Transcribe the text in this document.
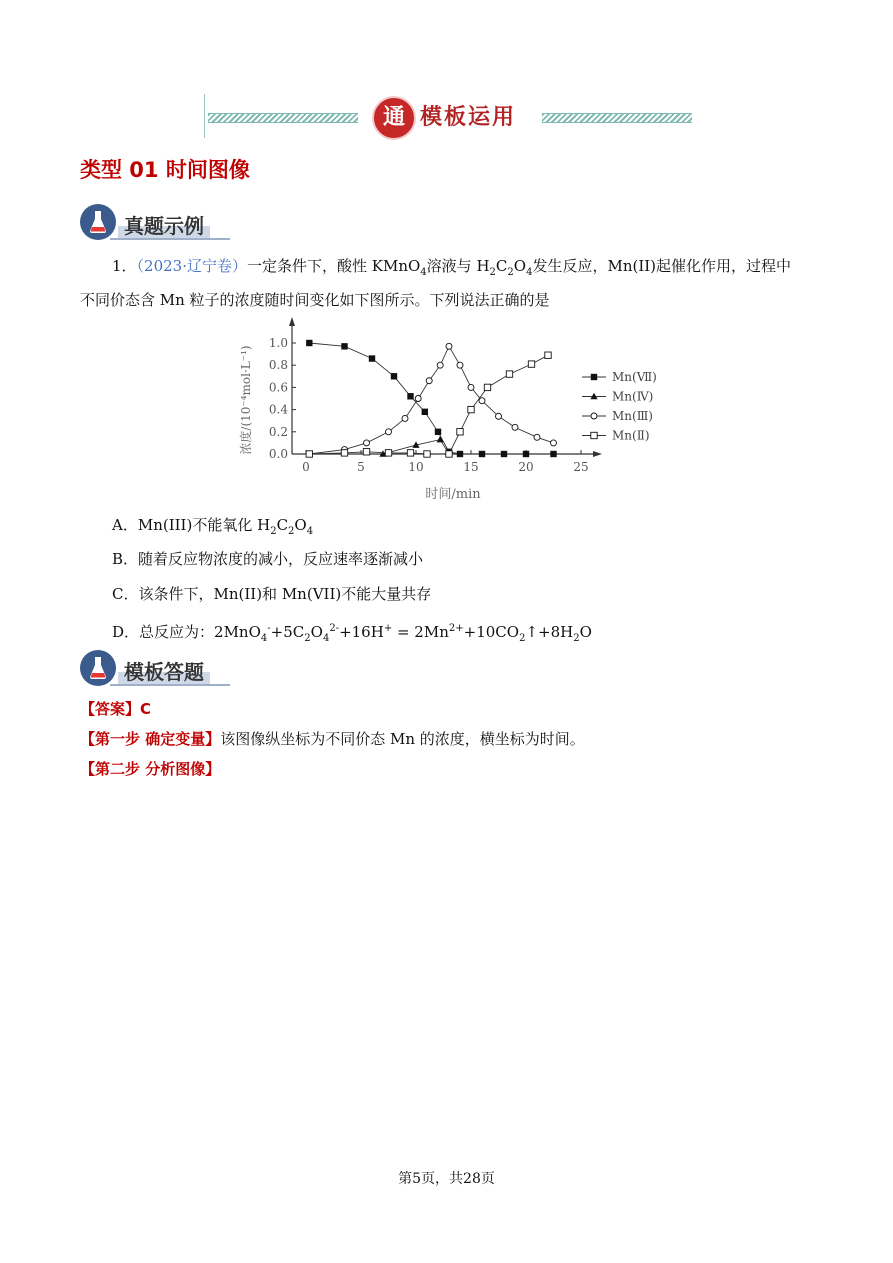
通 模板运用
类型 01 时间图像
真题示例
1．（2023·辽宁卷）一定条件下，酸性 KMnO$_4$溶液与 $H_2C_2O_4$发生反应，Mn(II)起催化作用，过程中
不同价态含 Mn 粒子的浓度随时间变化如下图所示。下列说法正确的是
0	5	10	15	20	25
0.0
0.2
0.4
0.6
0.8
1.0
Mn(Ⅶ)
Mn(Ⅳ)
Mn(Ⅲ)
Mn(Ⅱ)
浓度/(10⁻⁴mol·L⁻¹)
时间/min
A．Mn(III)不能氧化 $H_2C_2O_4$
B．随着反应物浓度的减小，反应速率逐渐减小
C．该条件下，Mn(II)和 Mn(VII)不能大量共存
D．总反应为：$2MnO_4^-+5C_2O_4^{2-}+16H^+$ = $2Mn^{2+}+10CO_2↑+8H_2O$
模板答题
【答案】C
【第一步 确定变量】该图像纵坐标为不同价态 Mn 的浓度，横坐标为时间。
【第二步 分析图像】
第5页，共28页
